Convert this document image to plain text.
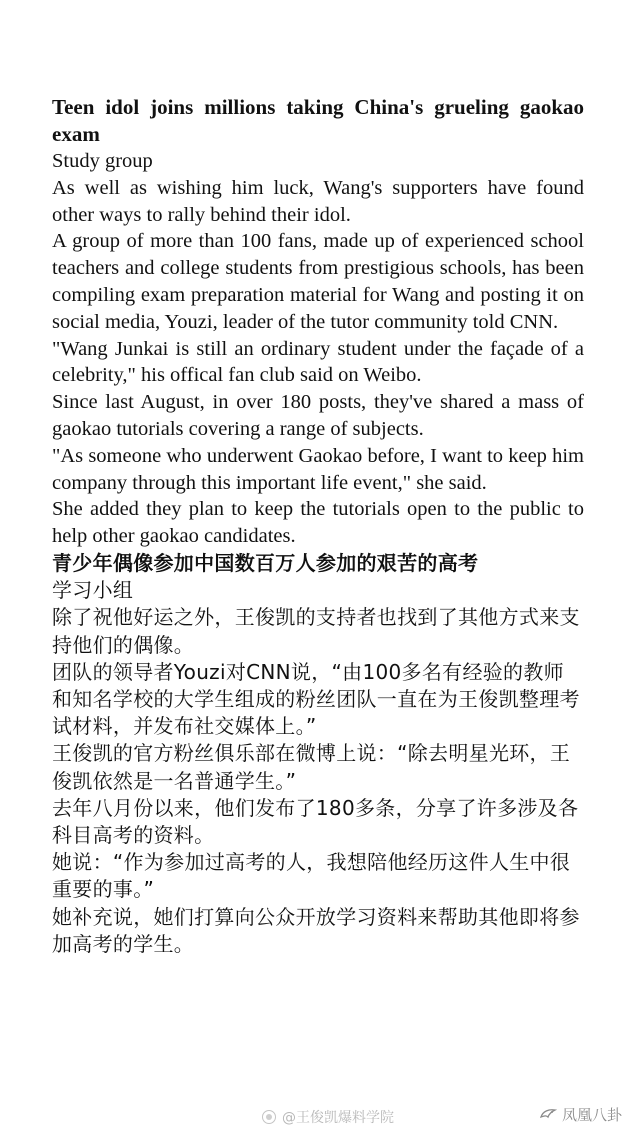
Teen idol joins millions taking China's grueling gaokao exam

Study group

As well as wishing him luck, Wang's supporters have found other ways to rally behind their idol.

A group of more than 100 fans, made up of experienced school teachers and college students from prestigious schools, has been compiling exam preparation material for Wang and posting it on social media, Youzi, leader of the tutor community told CNN.

"Wang Junkai is still an ordinary student under the façade of a celebrity," his offical fan club said on Weibo.

Since last August, in over 180 posts, they've shared a mass of gaokao tutorials covering a range of subjects.

"As someone who underwent Gaokao before, I want to keep him company through this important life event," she said.

She added they plan to keep the tutorials open to the public to help other gaokao candidates.

青少年偶像参加中国数百万人参加的艰苦的高考

学习小组

除了祝他好运之外，王俊凯的支持者也找到了其他方式来支持他们的偶像。

团队的领导者Youzi对CNN说，“由100多名有经验的教师和知名学校的大学生组成的粉丝团队一直在为王俊凯整理考试材料，并发布社交媒体上。”

王俊凯的官方粉丝俱乐部在微博上说：“除去明星光环，王俊凯依然是一名普通学生。”

去年八月份以来，他们发布了180多条，分享了许多涉及各科目高考的资料。

她说：“作为参加过高考的人，我想陪他经历这件人生中很重要的事。”

她补充说，她们打算向公众开放学习资料来帮助其他即将参加高考的学生。

@王俊凯爆料学院	凤凰八卦
